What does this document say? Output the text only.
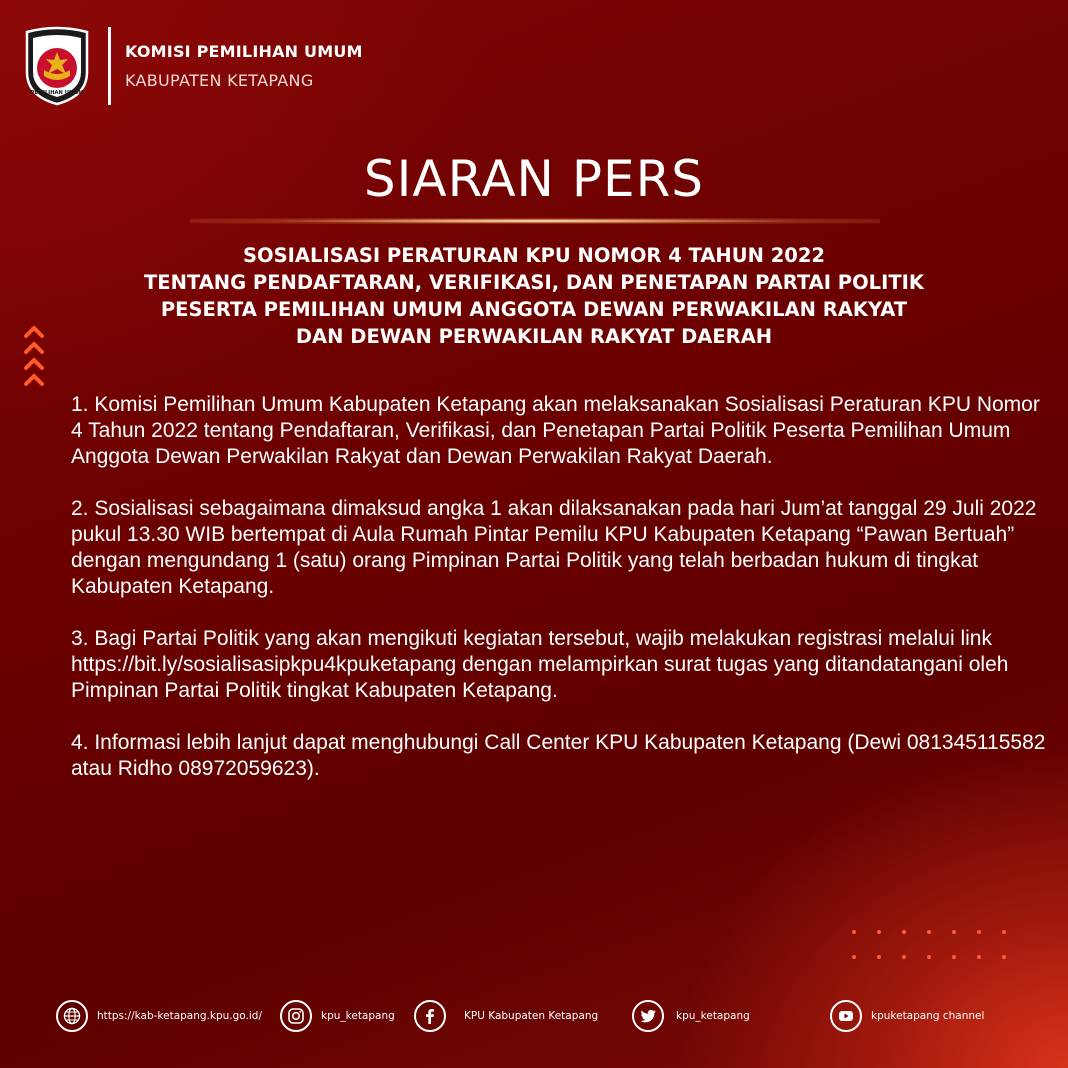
KOMISI
PEMILIHAN UMUM
KOMISI PEMILIHAN UMUM
KABUPATEN KETAPANG
SIARAN PERS
SOSIALISASI PERATURAN KPU NOMOR 4 TAHUN 2022
TENTANG PENDAFTARAN, VERIFIKASI, DAN PENETAPAN PARTAI POLITIK
PESERTA PEMILIHAN UMUM ANGGOTA DEWAN PERWAKILAN RAKYAT
DAN DEWAN PERWAKILAN RAKYAT DAERAH

1. Komisi Pemilihan Umum Kabupaten Ketapang akan melaksanakan Sosialisasi Peraturan KPU Nomor 4 Tahun 2022 tentang Pendaftaran, Verifikasi, dan Penetapan Partai Politik Peserta Pemilihan Umum Anggota Dewan Perwakilan Rakyat dan Dewan Perwakilan Rakyat Daerah.

2. Sosialisasi sebagaimana dimaksud angka 1 akan dilaksanakan pada hari Jum’at tanggal 29 Juli 2022 pukul 13.30 WIB bertempat di Aula Rumah Pintar Pemilu KPU Kabupaten Ketapang “Pawan Bertuah” dengan mengundang 1 (satu) orang Pimpinan Partai Politik yang telah berbadan hukum di tingkat Kabupaten Ketapang.

3. Bagi Partai Politik yang akan mengikuti kegiatan tersebut, wajib melakukan registrasi melalui link https://bit.ly/sosialisasipkpu4kpuketapang dengan melampirkan surat tugas yang ditandatangani oleh Pimpinan Partai Politik tingkat Kabupaten Ketapang.

4. Informasi lebih lanjut dapat menghubungi Call Center KPU Kabupaten Ketapang (Dewi 081345115582 atau Ridho 08972059623).

https://kab-ketapang.kpu.go.id/	kpu_ketapang	KPU Kabupaten Ketapang	kpu_ketapang	kpuketapang channel
